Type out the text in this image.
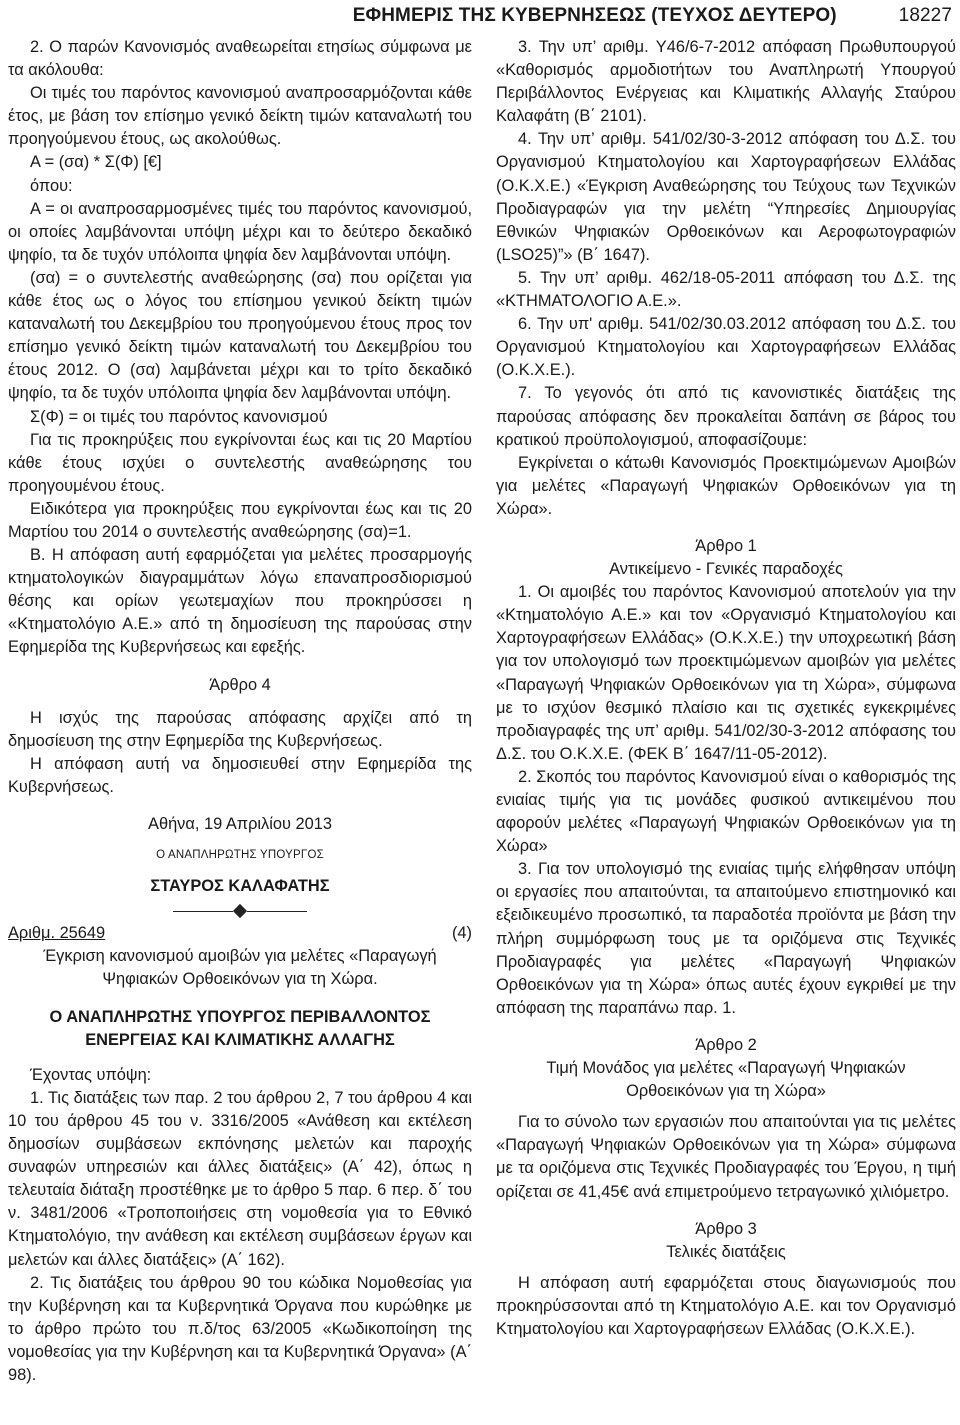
ΕΦΗΜΕΡΙΣ ΤΗΣ ΚΥΒΕΡΝΗΣΕΩΣ (ΤΕΥΧΟΣ ΔΕΥΤΕΡΟ)	18227

2. Ο παρών Κανονισμός αναθεωρείται ετησίως σύμφωνα με τα ακόλουθα:

Οι τιμές του παρόντος κανονισμού αναπροσαρμόζονται κάθε έτος, με βάση τον επίσημο γενικό δείκτη τιμών καταναλωτή του προηγούμενου έτους, ως ακολούθως.

Α = (σα) * Σ(Φ) [€]

όπου:

Α = οι αναπροσαρμοσμένες τιμές του παρόντος κανονισμού, οι οποίες λαμβάνονται υπόψη μέχρι και το δεύτερο δεκαδικό ψηφίο, τα δε τυχόν υπόλοιπα ψηφία δεν λαμβάνονται υπόψη.

(σα) = ο συντελεστής αναθεώρησης (σα) που ορίζεται για κάθε έτος ως ο λόγος του επίσημου γενικού δείκτη τιμών καταναλωτή του Δεκεμβρίου του προηγούμενου έτους προς τον επίσημο γενικό δείκτη τιμών καταναλωτή του Δεκεμβρίου του έτους 2012. Ο (σα) λαμβάνεται μέχρι και το τρίτο δεκαδικό ψηφίο, τα δε τυχόν υπόλοιπα ψηφία δεν λαμβάνονται υπόψη.

Σ(Φ) = οι τιμές του παρόντος κανονισμού

Για τις προκηρύξεις που εγκρίνονται έως και τις 20 Μαρτίου κάθε έτους ισχύει ο συντελεστής αναθεώρησης του προηγουμένου έτους.

Ειδικότερα για προκηρύξεις που εγκρίνονται έως και τις 20 Μαρτίου του 2014 ο συντελεστής αναθεώρησης (σα)=1.

Β. Η απόφαση αυτή εφαρμόζεται για μελέτες προσαρμογής κτηματολογικών διαγραμμάτων λόγω επαναπροσδιορισμού θέσης και ορίων γεωτεμαχίων που προκηρύσσει η «Κτηματολόγιο Α.Ε.» από τη δημοσίευση της παρούσας στην Εφημερίδα της Κυβερνήσεως και εφεξής.

Άρθρο 4

Η ισχύς της παρούσας απόφασης αρχίζει από τη δημοσίευση της στην Εφημερίδα της Κυβερνήσεως.

Η απόφαση αυτή να δημοσιευθεί στην Εφημερίδα της Κυβερνήσεως.

Αθήνα, 19 Απριλίου 2013

Ο ΑΝΑΠΛΗΡΩΤΗΣ ΥΠΟΥΡΓΟΣ

ΣΤΑΥΡΟΣ ΚΑΛΑΦΑΤΗΣ

Αριθμ. 25649	(4)

Έγκριση κανονισμού αμοιβών για μελέτες «Παραγωγή Ψηφιακών Ορθοεικόνων για τη Χώρα.

Ο ΑΝΑΠΛΗΡΩΤΗΣ ΥΠΟΥΡΓΟΣ ΠΕΡΙΒΑΛΛΟΝΤΟΣ ΕΝΕΡΓΕΙΑΣ ΚΑΙ ΚΛΙΜΑΤΙΚΗΣ ΑΛΛΑΓΗΣ

Έχοντας υπόψη:

1. Τις διατάξεις των παρ. 2 του άρθρου 2, 7 του άρθρου 4 και 10 του άρθρου 45 του ν. 3316/2005 «Ανάθεση και εκτέλεση δημοσίων συμβάσεων εκπόνησης μελετών και παροχής συναφών υπηρεσιών και άλλες διατάξεις» (Α΄ 42), όπως η τελευταία διάταξη προστέθηκε με το άρθρο 5 παρ. 6 περ. δ΄ του ν. 3481/2006 «Τροποποιήσεις στη νομοθεσία για το Εθνικό Κτηματολόγιο, την ανάθεση και εκτέλεση συμβάσεων έργων και μελετών και άλλες διατάξεις» (Α΄ 162).

2. Τις διατάξεις του άρθρου 90 του κώδικα Νομοθεσίας για την Κυβέρνηση και τα Κυβερνητικά Όργανα που κυρώθηκε με το άρθρο πρώτο του π.δ/τος 63/2005 «Κωδικοποίηση της νομοθεσίας για την Κυβέρνηση και τα Κυβερνητικά Όργανα» (Α΄ 98).

3. Την υπ’ αριθμ. Υ46/6-7-2012 απόφαση Πρωθυπουργού «Καθορισμός αρμοδιοτήτων του Αναπληρωτή Υπουργού Περιβάλλοντος Ενέργειας και Κλιματικής Αλλαγής Σταύρου Καλαφάτη (Β΄ 2101).

4. Την υπ’ αριθμ. 541/02/30-3-2012 απόφαση του Δ.Σ. του Οργανισμού Κτηματολογίου και Χαρτογραφήσεων Ελλάδας (Ο.Κ.Χ.Ε.) «Έγκριση Αναθεώρησης του Τεύχους των Τεχνικών Προδιαγραφών για την μελέτη “Υπηρεσίες Δημιουργίας Εθνικών Ψηφιακών Ορθοεικόνων και Αεροφωτογραφιών (LSO25)”» (Β΄ 1647).

5. Την υπ’ αριθμ. 462/18-05-2011 απόφαση του Δ.Σ. της «ΚΤΗΜΑΤΟΛΟΓΙΟ Α.Ε.».

6. Την υπ' αριθμ. 541/02/30.03.2012 απόφαση του Δ.Σ. του Οργανισμού Κτηματολογίου και Χαρτογραφήσεων Ελλάδας (Ο.Κ.Χ.Ε.).

7. Το γεγονός ότι από τις κανονιστικές διατάξεις της παρούσας απόφασης δεν προκαλείται δαπάνη σε βάρος του κρατικού προϋπολογισμού, αποφασίζουμε:

Εγκρίνεται ο κάτωθι Κανονισμός Προεκτιμώμενων Αμοιβών για μελέτες «Παραγωγή Ψηφιακών Ορθοεικόνων για τη Χώρα».

Άρθρο 1

Αντικείμενο - Γενικές παραδοχές

1. Οι αμοιβές του παρόντος Κανονισμού αποτελούν για την «Κτηματολόγιο Α.Ε.» και τον «Οργανισμό Κτηματολογίου και Χαρτογραφήσεων Ελλάδας» (Ο.Κ.Χ.Ε.) την υποχρεωτική βάση για τον υπολογισμό των προεκτιμώμενων αμοιβών για μελέτες «Παραγωγή Ψηφιακών Ορθοεικόνων για τη Χώρα», σύμφωνα με το ισχύον θεσμικό πλαίσιο και τις σχετικές εγκεκριμένες προδιαγραφές της υπ’ αριθμ. 541/02/30-3-2012 απόφασης του Δ.Σ. του Ο.Κ.Χ.Ε. (ΦΕΚ Β΄ 1647/11-05-2012).

2. Σκοπός του παρόντος Κανονισμού είναι ο καθορισμός της ενιαίας τιμής για τις μονάδες φυσικού αντικειμένου που αφορούν μελέτες «Παραγωγή Ψηφιακών Ορθοεικόνων για τη Χώρα»

3. Για τον υπολογισμό της ενιαίας τιμής ελήφθησαν υπόψη οι εργασίες που απαιτούνται, τα απαιτούμενο επιστημονικό και εξειδικευμένο προσωπικό, τα παραδοτέα προϊόντα με βάση την πλήρη συμμόρφωση τους με τα οριζόμενα στις Τεχνικές Προδιαγραφές για μελέτες «Παραγωγή Ψηφιακών Ορθοεικόνων για τη Χώρα» όπως αυτές έχουν εγκριθεί με την απόφαση της παραπάνω παρ. 1.

Άρθρο 2

Τιμή Μονάδος για μελέτες «Παραγωγή Ψηφιακών Ορθοεικόνων για τη Χώρα»

Για το σύνολο των εργασιών που απαιτούνται για τις μελέτες «Παραγωγή Ψηφιακών Ορθοεικόνων για τη Χώρα» σύμφωνα με τα οριζόμενα στις Τεχνικές Προδιαγραφές του Έργου, η τιμή ορίζεται σε 41,45€ ανά επιμετρούμενο τετραγωνικό χιλιόμετρο.

Άρθρο 3

Τελικές διατάξεις

Η απόφαση αυτή εφαρμόζεται στους διαγωνισμούς που προκηρύσσονται από τη Κτηματολόγιο Α.Ε. και τον Οργανισμό Κτηματολογίου και Χαρτογραφήσεων Ελλάδας (Ο.Κ.Χ.Ε.).
